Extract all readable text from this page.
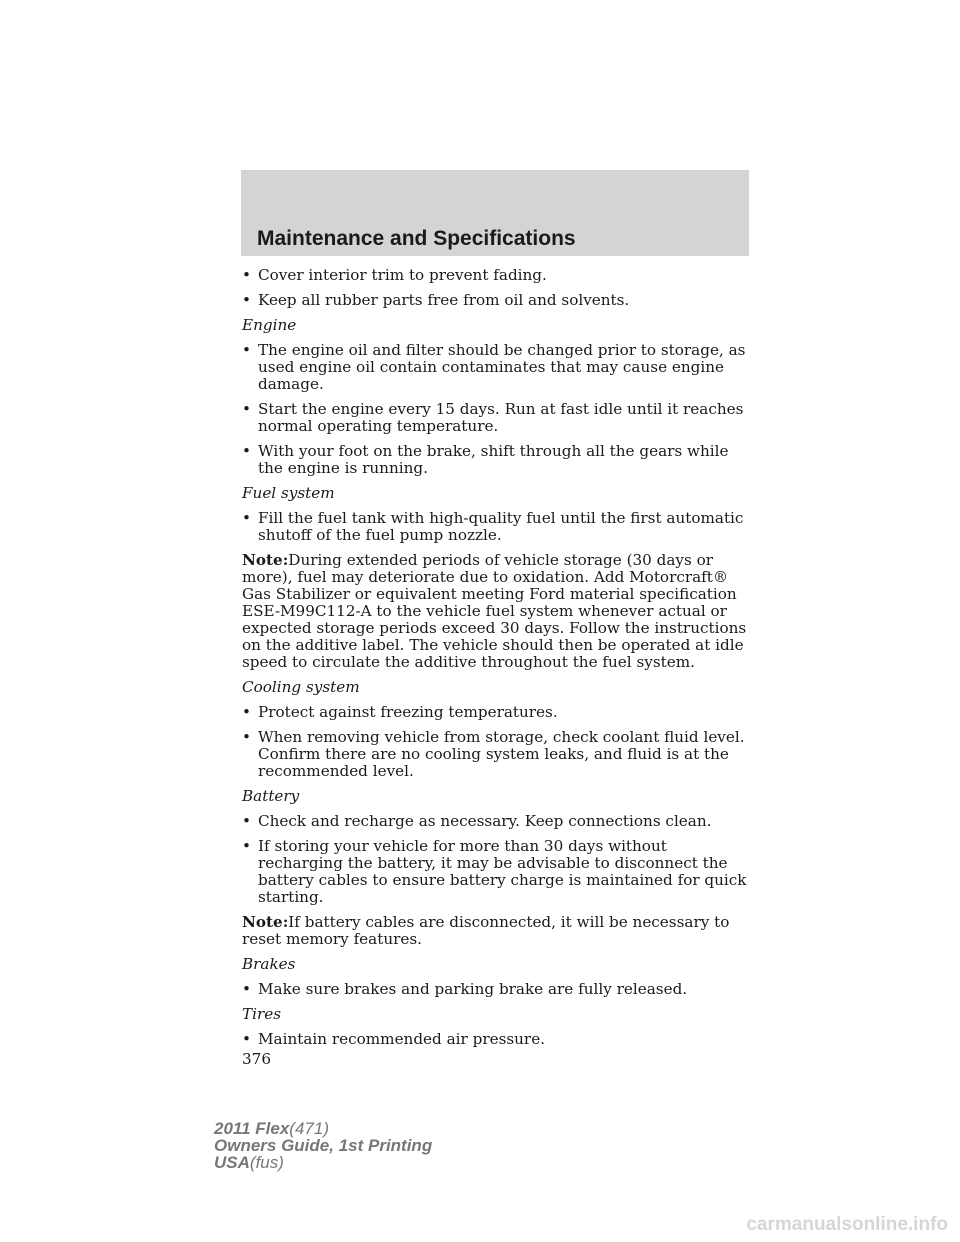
Maintenance and Specifications
• Cover interior trim to prevent fading.
• Keep all rubber parts free from oil and solvents.
Engine
• The engine oil and filter should be changed prior to storage, as used engine oil contain contaminates that may cause engine damage.
• Start the engine every 15 days. Run at fast idle until it reaches normal operating temperature.
• With your foot on the brake, shift through all the gears while the engine is running.
Fuel system
• Fill the fuel tank with high-quality fuel until the first automatic shutoff of the fuel pump nozzle.
Note:During extended periods of vehicle storage (30 days or more), fuel may deteriorate due to oxidation. Add Motorcraft® Gas Stabilizer or equivalent meeting Ford material specification ESE-M99C112-A to the vehicle fuel system whenever actual or expected storage periods exceed 30 days. Follow the instructions on the additive label. The vehicle should then be operated at idle speed to circulate the additive throughout the fuel system.
Cooling system
• Protect against freezing temperatures.
• When removing vehicle from storage, check coolant fluid level. Confirm there are no cooling system leaks, and fluid is at the recommended level.
Battery
• Check and recharge as necessary. Keep connections clean.
• If storing your vehicle for more than 30 days without recharging the battery, it may be advisable to disconnect the battery cables to ensure battery charge is maintained for quick starting.
Note:If battery cables are disconnected, it will be necessary to reset memory features.
Brakes
• Make sure brakes and parking brake are fully released.
Tires
• Maintain recommended air pressure.
376
2011 Flex(471)
Owners Guide, 1st Printing
USA(fus)
carmanualsonline.info
